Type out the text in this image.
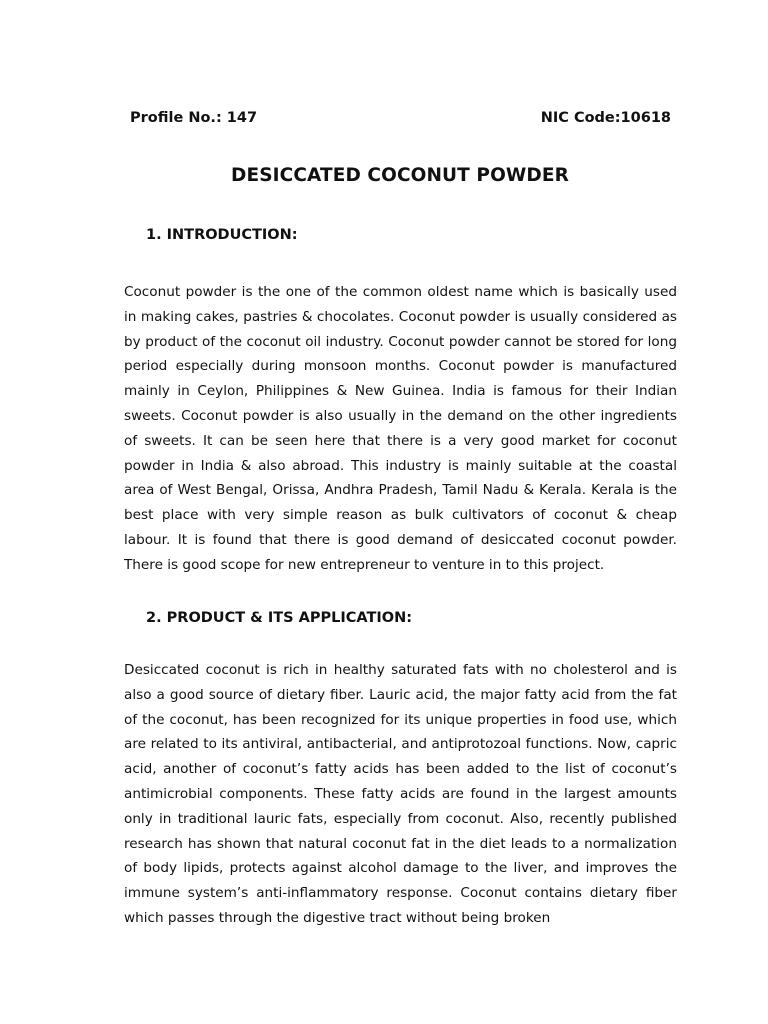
Profile No.: 147	NIC Code:10618
DESICCATED COCONUT POWDER
1. INTRODUCTION:

Coconut powder is the one of the common oldest name which is basically used in making cakes, pastries & chocolates. Coconut powder is usually considered as by product of the coconut oil industry. Coconut powder cannot be stored for long period especially during monsoon months. Coconut powder is manufactured mainly in Ceylon, Philippines & New Guinea. India is famous for their Indian sweets. Coconut powder is also usually in the demand on the other ingredients of sweets. It can be seen here that there is a very good market for coconut powder in India & also abroad. This industry is mainly suitable at the coastal area of West Bengal, Orissa, Andhra Pradesh, Tamil Nadu & Kerala. Kerala is the best place with very simple reason as bulk cultivators of coconut & cheap labour. It is found that there is good demand of desiccated coconut powder. There is good scope for new entrepreneur to venture in to this project.

2. PRODUCT & ITS APPLICATION:

Desiccated coconut is rich in healthy saturated fats with no cholesterol and is also a good source of dietary fiber. Lauric acid, the major fatty acid from the fat of the coconut, has been recognized for its unique properties in food use, which are related to its antiviral, antibacterial, and antiprotozoal functions. Now, capric acid, another of coconut’s fatty acids has been added to the list of coconut’s antimicrobial components. These fatty acids are found in the largest amounts only in traditional lauric fats, especially from coconut. Also, recently published research has shown that natural coconut fat in the diet leads to a normalization of body lipids, protects against alcohol damage to the liver, and improves the immune system’s anti-inflammatory response. Coconut contains dietary fiber which passes through the digestive tract without being broken
